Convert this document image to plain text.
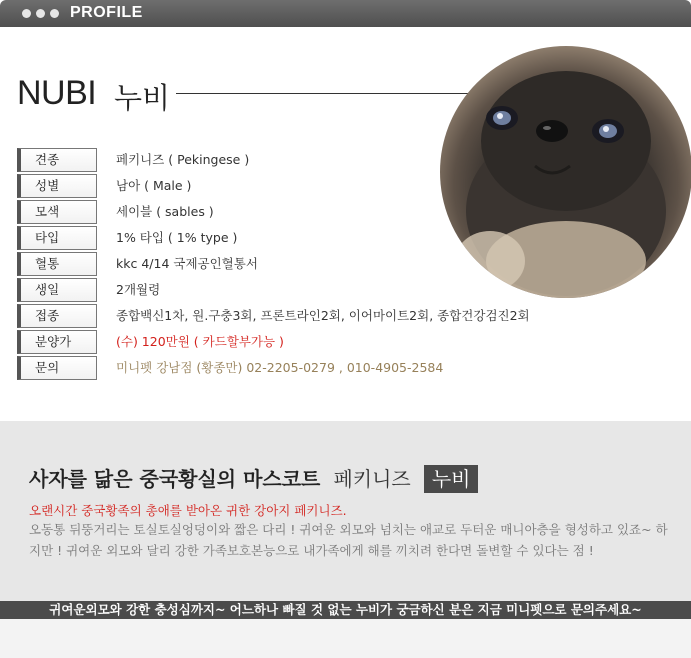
PROFILE
NUBI 누비
견종	페키니즈 ( Pekingese )
성별	남아 ( Male )
모색	세이블 ( sables )
타입	1% 타입 ( 1% type )
혈통	kkc 4/14 국제공인혈통서
생일	2개월령
접종	종합백신1차, 원.구충3회, 프론트라인2회, 이어마이트2회, 종합건강검진2회
분양가	(수) 120만원 ( 카드할부가능 )
문의	미니펫 강남점 (황종만) 02-2205-0279 , 010-4905-2584
사자를 닮은 중국황실의 마스코트 페키니즈 누비
오랜시간 중국황족의 총애를 받아온 귀한 강아지 페키니즈.
오동통 뒤뚱거리는 토실토실엉덩이와 짧은 다리 ! 귀여운 외모와 넘치는 애교로 두터운 매니아층을 형성하고 있죠~ 하지만 ! 귀여운 외모와 달리 강한 가족보호본능으로 내가족에게 해를 끼치려 한다면 돌변할 수 있다는 점 !
귀여운외모와 강한 충성심까지~ 어느하나 빠질 것 없는 누비가 궁금하신 분은 지금 미니펫으로 문의주세요~
